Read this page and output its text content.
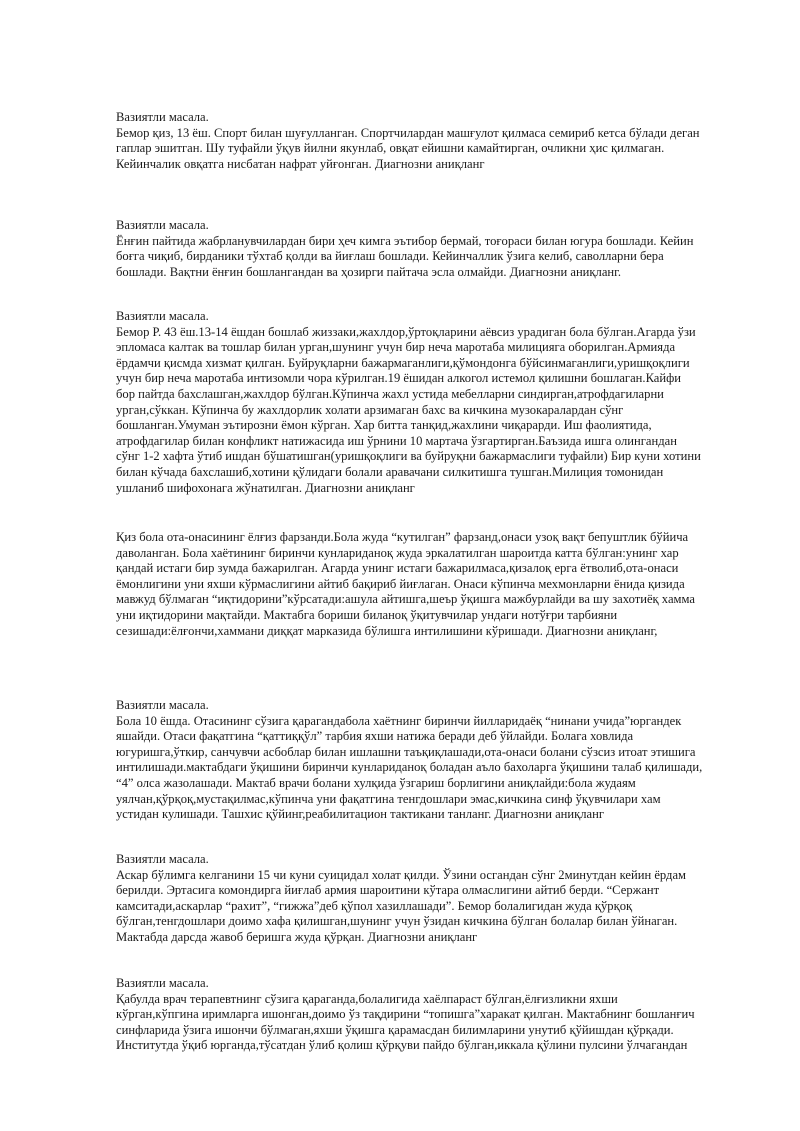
Вазиятли масала.
Бемор қиз, 13 ёш. Спорт билан шуғулланган. Спортчилардан машғулот қилмаса семириб кетса бўлади деган
гаплар эшитган. Шу туфайли ўқув йилни якунлаб, овқат ейишни камайтирган, очликни ҳис қилмаган.
Кейинчалик овқатга нисбатан нафрат уйғонган. Диагнозни аниқланг
Вазиятли масала.
Ёнғин пайтида жабрланувчилардан бири ҳеч кимга эътибор бермай, тоғораси билан югура бошлади. Кейин
боғга чиқиб, бирданики тўхтаб қолди ва йиғлаш бошлади. Кейинчаллик ўзига келиб, саволларни бера
бошлади. Вақтни ёнғин бошлангандан ва ҳозирги пайтача эсла олмайди. Диагнозни аниқланг.
Вазиятли масала.
Бемор Р. 43 ёш.13-14 ёшдан бошлаб жиззаки,жахлдор,ўртоқларини аёвсиз урадиган бола бўлган.Агарда ўзи
эпломаса калтак ва тошлар билан урган,шунинг учун бир неча маротаба милицияга оборилган.Армияда
ёрдамчи қисмда хизмат қилган. Буйруқларни бажармаганлиги,қўмондонга бўйсинмаганлиги,уришқоқлиги
учун бир неча маротаба интизомли чора кўрилган.19 ёшидан алкогол истемол қилишни бошлаган.Кайфи
бор пайтда бахслашган,жахлдор бўлган.Кўпинча жахл устида мебелларни синдирган,атрофдагиларни
урган,сўккан. Кўпинча бу жахлдорлик холати арзимаган бахс ва кичкина музокаралардан сўнг
бошланган.Умуман эътирозни ёмон кўрган. Хар битта танқид,жахлини чиқарарди. Иш фаолиятида,
атрофдагилар билан конфликт натижасида иш ўрнини 10 мартача ўзгартирган.Баъзида ишга олингандан
сўнг 1-2 хафта ўтиб ишдан бўшатишган(уришқоқлиги ва буйруқни бажармаслиги туфайли) Бир куни хотини
билан кўчада бахслашиб,хотини қўлидаги болали аравачани силкитишга тушган.Милиция томонидан
ушланиб шифохонага жўнатилган. Диагнозни аниқланг
Қиз бола ота-онасининг ёлғиз фарзанди.Бола жуда “кутилган” фарзанд,онаси узоқ вақт бепуштлик бўйича
даволанган. Бола хаётининг биринчи кунлариданоқ жуда эркалатилган шароитда катта бўлган:унинг хар
қандай истаги бир зумда бажарилган. Агарда унинг истаги бажарилмаса,қизалоқ ерга ётволиб,ота-онаси
ёмонлигини уни яхши кўрмаслигини айтиб бақириб йиғлаган. Онаси кўпинча мехмонларни ёнида қизида
мавжуд бўлмаган “иқтидорини”кўрсатади:ашула айтишга,шеър ўқишга мажбурлайди ва шу захотиёқ хамма
уни иқтидорини мақтайди. Мактабга бориши биланоқ ўқитувчилар ундаги нотўғри тарбияни
сезишади:ёлғончи,хаммани диққат марказида бўлишга интилишини кўришади. Диагнозни аниқланг,
Вазиятли масала.
Бола 10 ёшда. Отасининг сўзига қарагандабола хаётнинг биринчи йилларидаёқ “нинани учида”юргандек
яшайди. Отаси фақатгина “қаттиққўл” тарбия яхши натижа беради деб ўйлайди. Болага ховлида
югуришга,ўткир, санчувчи асбоблар билан ишлашни таъқиқлашади,ота-онаси болани сўзсиз итоат этишига
интилишади.мактабдаги ўқишини биринчи кунлариданоқ боладан аъло бахоларга ўқишини талаб қилишади,
“4” олса жазолашади. Мактаб врачи болани хулқида ўзгариш борлигини аниқлайди:бола жудаям
уялчан,қўрқоқ,мустақилмас,кўпинча уни фақатгина тенгдошлари эмас,кичкина синф ўқувчилари хам
устидан кулишади. Ташхис қўйинг,реабилитацион тактикани танланг. Диагнозни аниқланг
Вазиятли масала.
Аскар бўлимга келганини 15 чи куни суицидал холат қилди. Ўзини осгандан сўнг 2минутдан кейин ёрдам
берилди. Эртасига комондирга йиғлаб армия шароитини кўтара олмаслигини айтиб берди. “Сержант
камситади,аскарлар “рахит”, “гижжа”деб қўпол хазиллашади”. Бемор болалигидан жуда қўрқоқ
бўлган,тенгдошлари доимо хафа қилишган,шунинг учун ўзидан кичкина бўлган болалар билан ўйнаган.
Мактабда дарсда жавоб беришга жуда қўрқан. Диагнозни аниқланг
Вазиятли масала.
Қабулда врач терапевтнинг сўзига қараганда,болалигида хаёлпараст бўлган,ёлғизликни яхши
кўрган,кўпгина иримларга ишонган,доимо ўз тақдирини “топишга”харакат қилган. Мактабнинг бошланғич
синфларида ўзига ишончи бўлмаган,яхши ўқишга қарамасдан билимларини унутиб қўйишдан қўрқади.
Институтда ўқиб юрганда,тўсатдан ўлиб қолиш қўрқуви пайдо бўлган,иккала қўлини пулсини ўлчагандан
